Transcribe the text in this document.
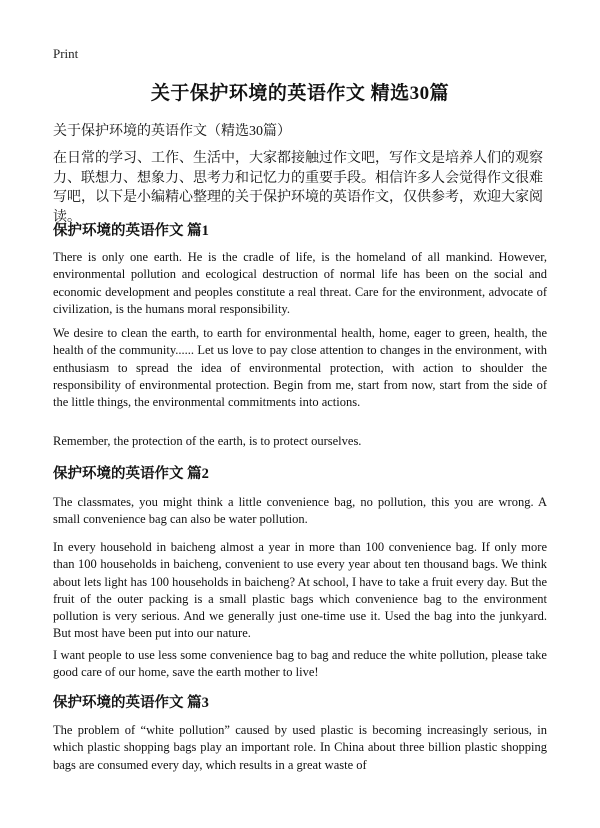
Print
关于保护环境的英语作文 精选30篇

关于保护环境的英语作文（精选30篇）

在日常的学习、工作、生活中，大家都接触过作文吧，写作文是培养人们的观察力、联想力、想象力、思考力和记忆力的重要手段。相信许多人会觉得作文很难写吧，以下是小编精心整理的关于保护环境的英语作文，仅供参考，欢迎大家阅读。

保护环境的英语作文 篇1

There is only one earth. He is the cradle of life, is the homeland of all mankind. However, environmental pollution and ecological destruction of normal life has been on the social and economic development and peoples constitute a real threat. Care for the environment, advocate of civilization, is the humans moral responsibility.

We desire to clean the earth, to earth for environmental health, home, eager to green, health, the health of the community...... Let us love to pay close attention to changes in the environment, with enthusiasm to spread the idea of environmental protection, with action to shoulder the responsibility of environmental protection. Begin from me, start from now, start from the side of the little things, the environmental commitments into actions.

Remember, the protection of the earth, is to protect ourselves.

保护环境的英语作文 篇2

The classmates, you might think a little convenience bag, no pollution, this you are wrong. A small convenience bag can also be water pollution.

In every household in baicheng almost a year in more than 100 convenience bag. If only more than 100 households in baicheng, convenient to use every year about ten thousand bags. We think about lets light has 100 households in baicheng? At school, I have to take a fruit every day. But the fruit of the outer packing is a small plastic bags which convenience bag to the environment pollution is very serious. And we generally just one-time use it. Used the bag into the junkyard. But most have been put into our nature.

I want people to use less some convenience bag to bag and reduce the white pollution, please take good care of our home, save the earth mother to live!

保护环境的英语作文 篇3

The problem of “white pollution” caused by used plastic is becoming increasingly serious, in which plastic shopping bags play an important role. In China about three billion plastic shopping bags are consumed every day, which results in a great waste of
